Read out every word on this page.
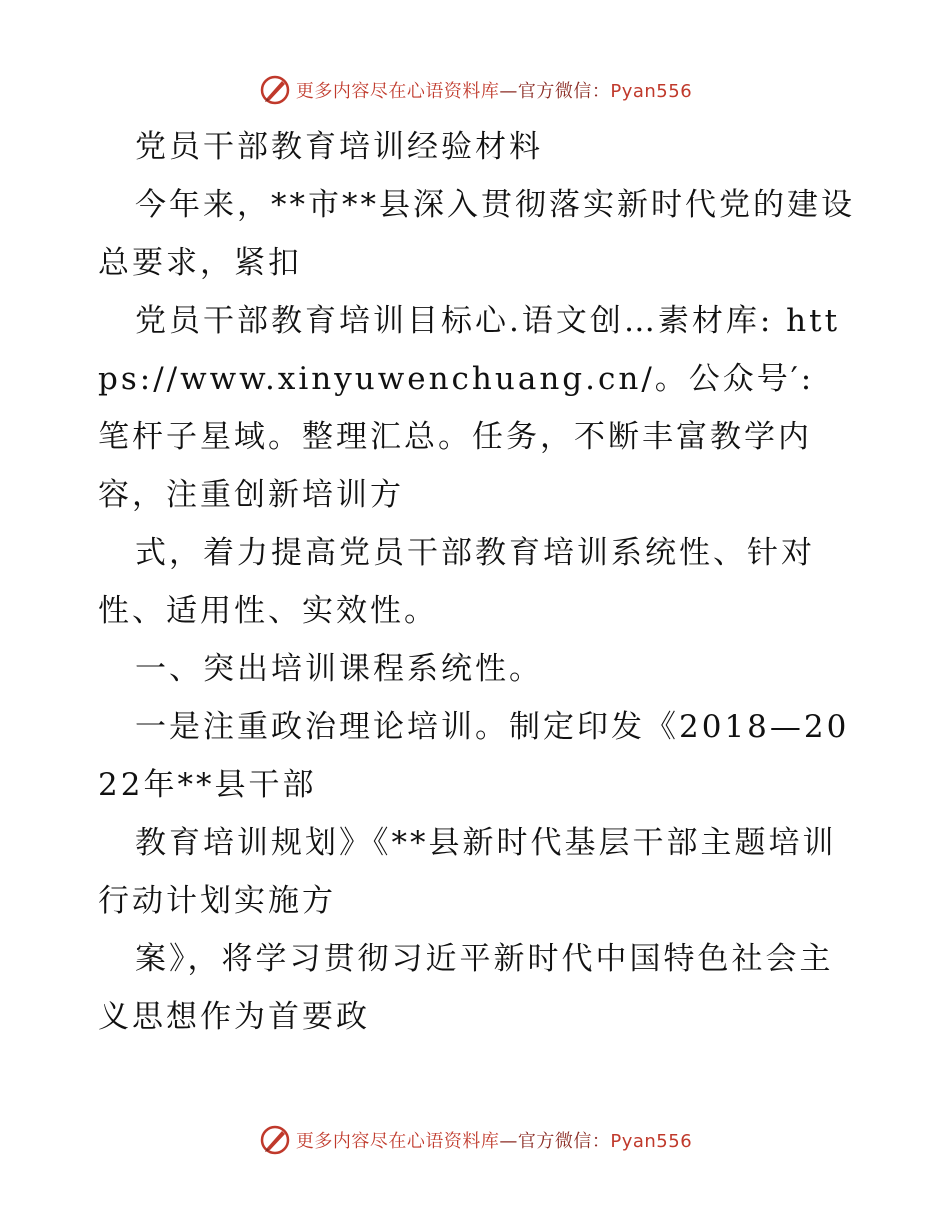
更多内容尽在心语资料库—官方微信：Pyan556

党员干部教育培训经验材料

今年来，**市**县深入贯彻落实新时代党的建设总要求，紧扣

党员干部教育培训目标心.语文创…素材库: https://www.xinyuwenchuang.cn/。公众号′: 笔杆子星域。整理汇总。任务，不断丰富教学内容，注重创新培训方

式，着力提高党员干部教育培训系统性、针对性、适用性、实效性。

一、突出培训课程系统性。

一是注重政治理论培训。制定印发《2018—2022年**县干部

教育培训规划》《**县新时代基层干部主题培训行动计划实施方

案》，将学习贯彻习近平新时代中国特色社会主义思想作为首要政

更多内容尽在心语资料库—官方微信：Pyan556
